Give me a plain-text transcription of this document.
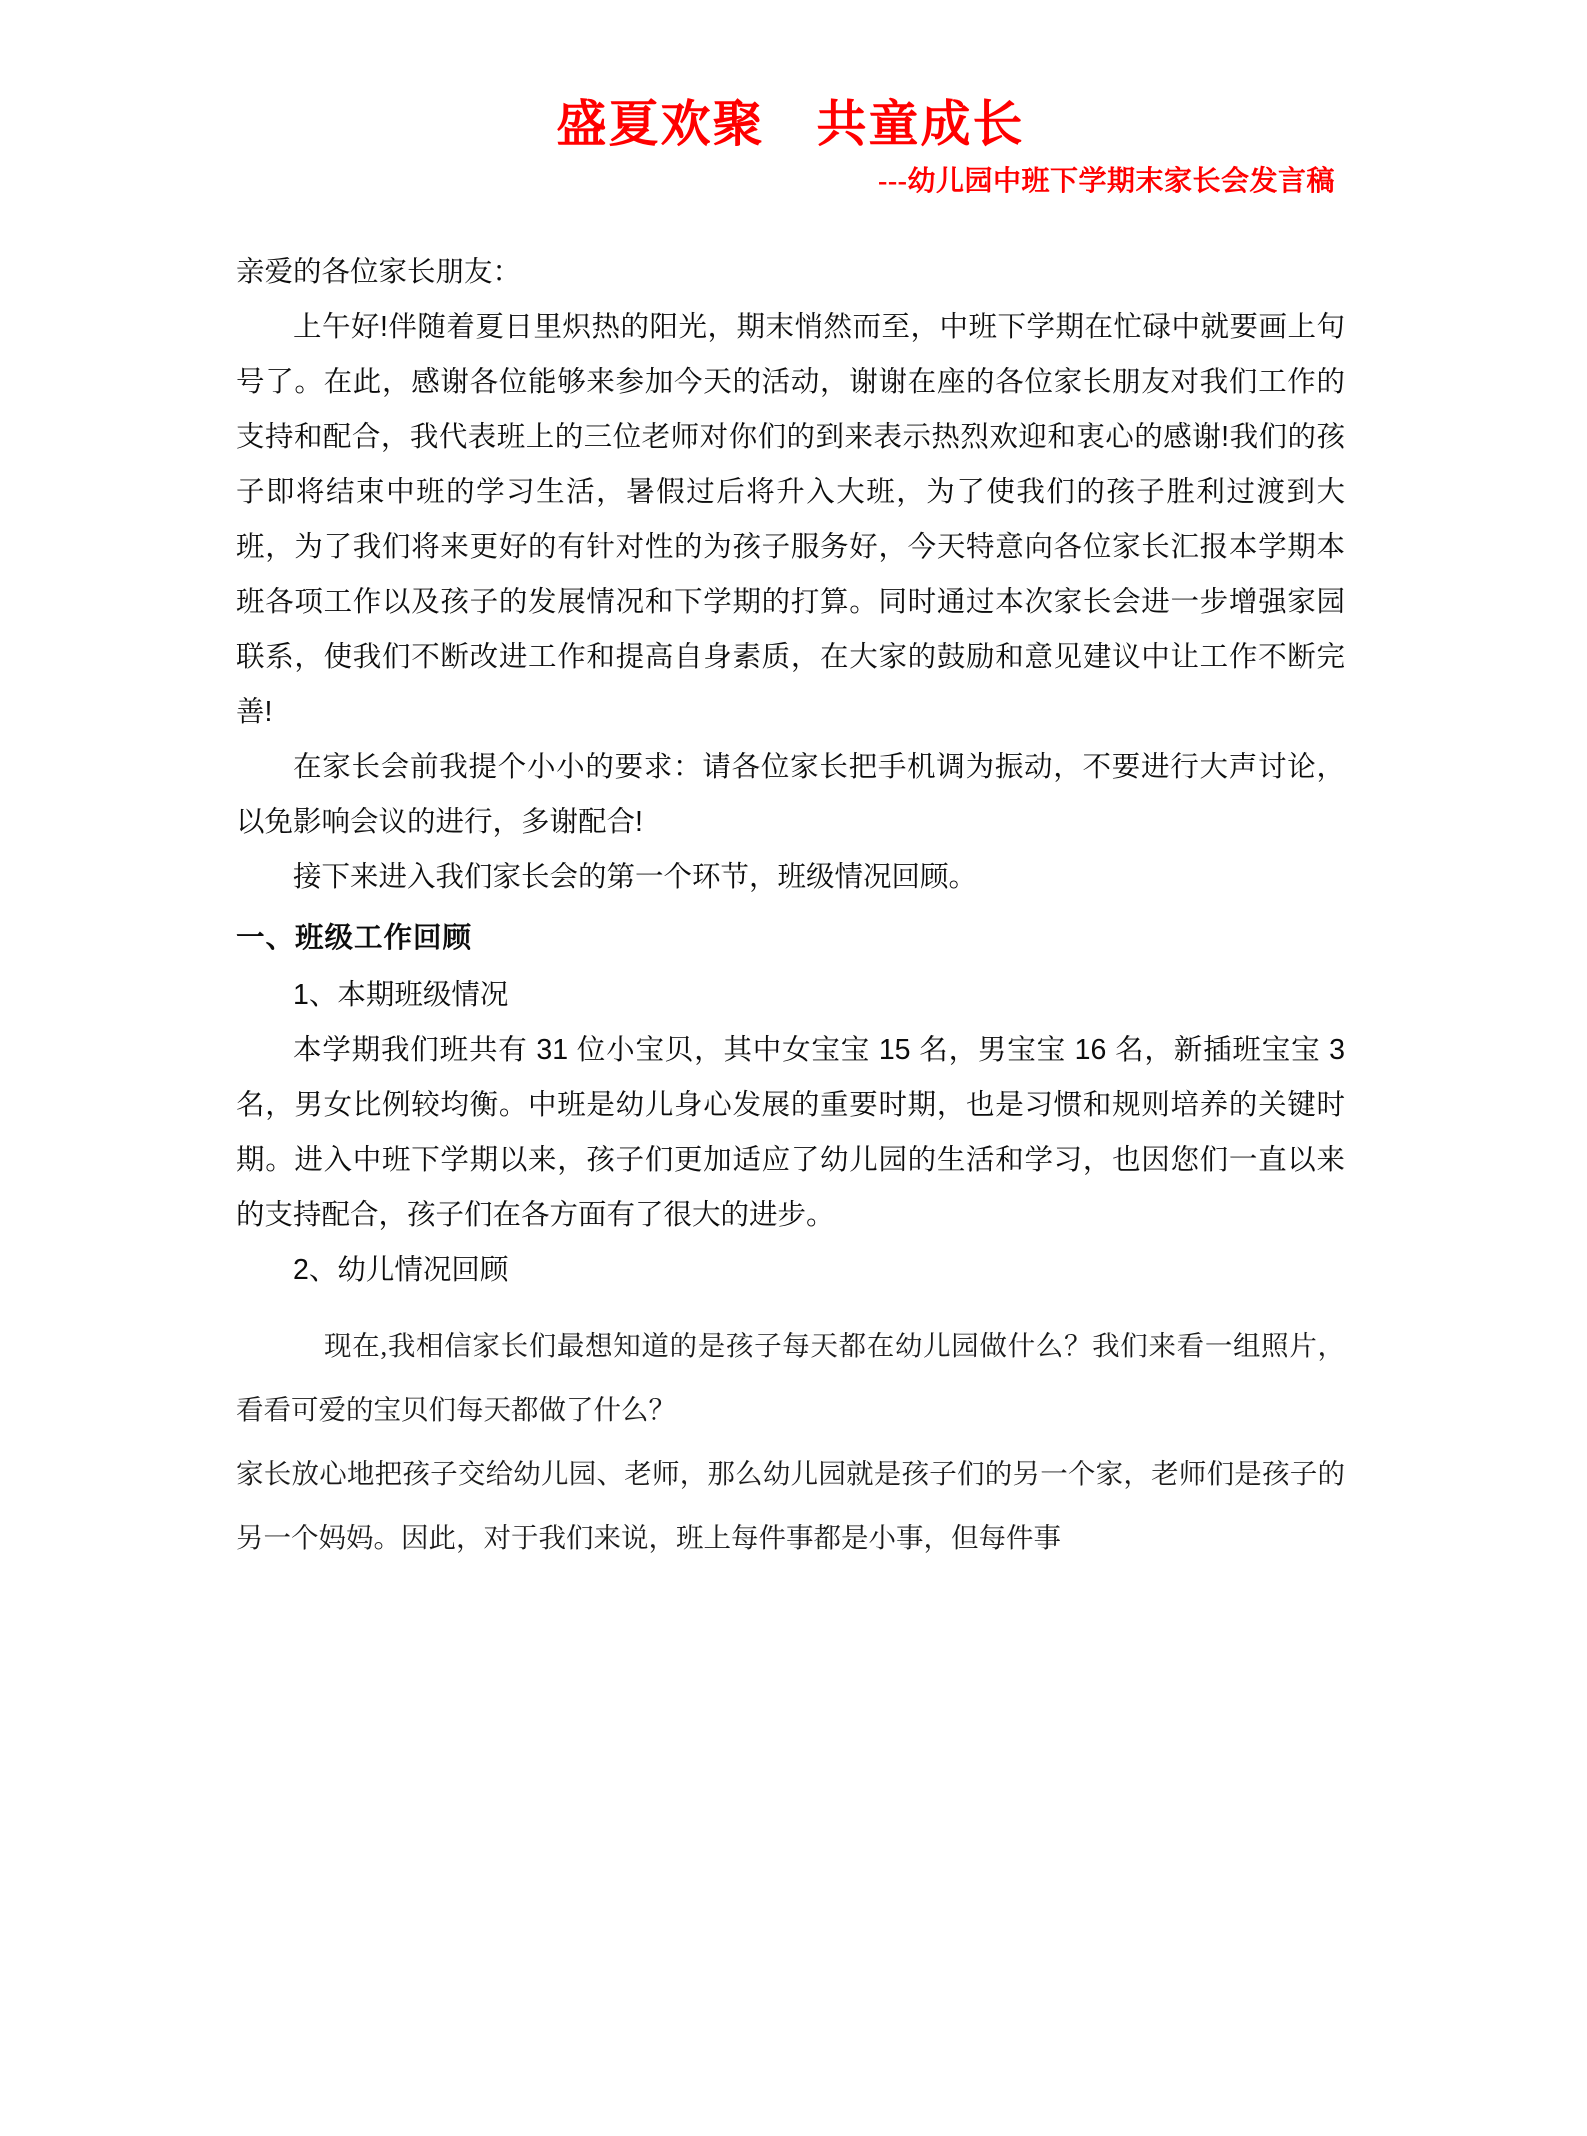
盛夏欢聚　共童成长
---幼儿园中班下学期末家长会发言稿

亲爱的各位家长朋友：

上午好!伴随着夏日里炽热的阳光，期末悄然而至，中班下学期在忙碌中就要画上句号了。在此，感谢各位能够来参加今天的活动，谢谢在座的各位家长朋友对我们工作的支持和配合，我代表班上的三位老师对你们的到来表示热烈欢迎和衷心的感谢!我们的孩子即将结束中班的学习生活，暑假过后将升入大班，为了使我们的孩子胜利过渡到大班，为了我们将来更好的有针对性的为孩子服务好，今天特意向各位家长汇报本学期本班各项工作以及孩子的发展情况和下学期的打算。同时通过本次家长会进一步增强家园联系，使我们不断改进工作和提高自身素质，在大家的鼓励和意见建议中让工作不断完善!

在家长会前我提个小小的要求：请各位家长把手机调为振动，不要进行大声讨论，以免影响会议的进行，多谢配合!

接下来进入我们家长会的第一个环节，班级情况回顾。

一、班级工作回顾

1、本期班级情况

本学期我们班共有 31 位小宝贝，其中女宝宝 15 名，男宝宝 16 名，新插班宝宝 3 名，男女比例较均衡。中班是幼儿身心发展的重要时期，也是习惯和规则培养的关键时期。进入中班下学期以来，孩子们更加适应了幼儿园的生活和学习，也因您们一直以来的支持配合，孩子们在各方面有了很大的进步。

2、幼儿情况回顾

现在,我相信家长们最想知道的是孩子每天都在幼儿园做什么？我们来看一组照片，看看可爱的宝贝们每天都做了什么？

家长放心地把孩子交给幼儿园、老师，那么幼儿园就是孩子们的另一个家，老师们是孩子的另一个妈妈。因此，对于我们来说，班上每件事都是小事，但每件事
